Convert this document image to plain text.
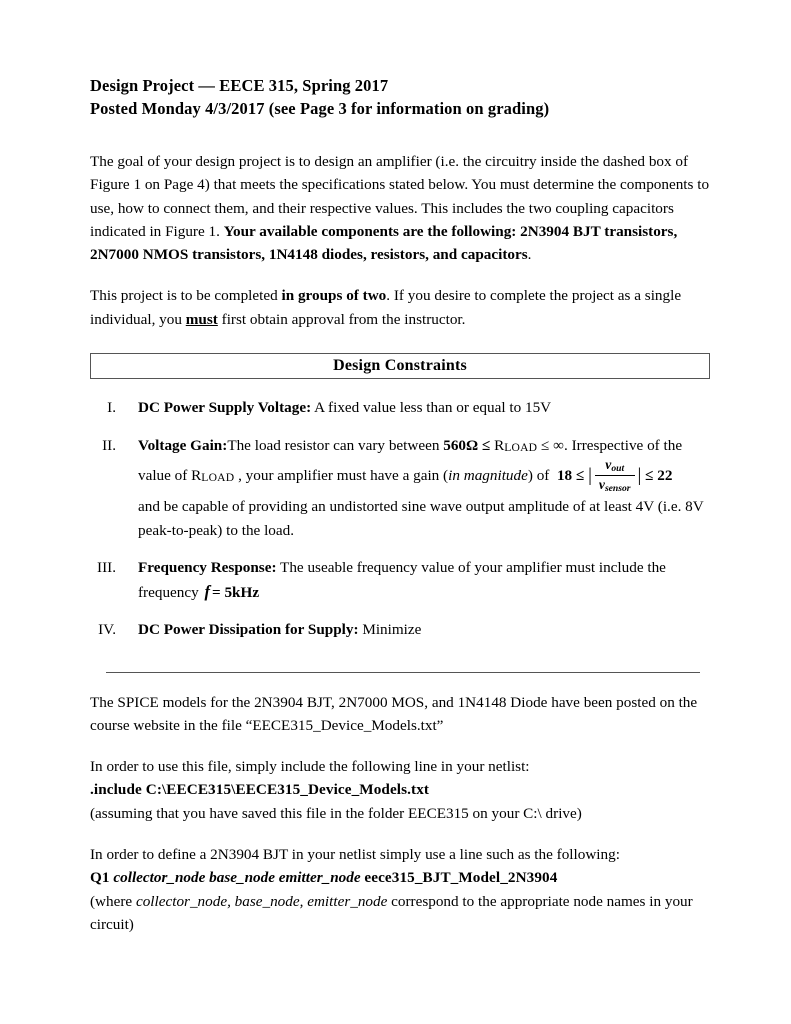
Design Project — EECE 315, Spring 2017
Posted Monday 4/3/2017 (see Page 3 for information on grading)

The goal of your design project is to design an amplifier (i.e. the circuitry inside the dashed box of Figure 1 on Page 4) that meets the specifications stated below. You must determine the components to use, how to connect them, and their respective values. This includes the two coupling capacitors indicated in Figure 1. Your available components are the following: 2N3904 BJT transistors, 2N7000 NMOS transistors, 1N4148 diodes, resistors, and capacitors.

This project is to be completed in groups of two. If you desire to complete the project as a single individual, you must first obtain approval from the instructor.

Design Constraints
I. DC Power Supply Voltage: A fixed value less than or equal to 15V
II. Voltage Gain:The load resistor can vary between 560Ω ≤ RLOAD ≤ ∞. Irrespective of the
value of RLOAD , your amplifier must have a gain (in magnitude) of 18 ≤ | $\frac{v_{out}}{v_{sensor}}$ | ≤ 22
and be capable of providing an undistorted sine wave output amplitude of at least 4V (i.e. 8V peak-to-peak) to the load.
III. Frequency Response: The useable frequency value of your amplifier must include the frequency f = 5kHz
IV. DC Power Dissipation for Supply: Minimize

The SPICE models for the 2N3904 BJT, 2N7000 MOS, and 1N4148 Diode have been posted on the course website in the file “EECE315_Device_Models.txt”

In order to use this file, simply include the following line in your netlist:
.include C:\EECE315\EECE315_Device_Models.txt
(assuming that you have saved this file in the folder EECE315 on your C:\ drive)

In order to define a 2N3904 BJT in your netlist simply use a line such as the following:
Q1 collector_node base_node emitter_node eece315_BJT_Model_2N3904
(where collector_node, base_node, emitter_node correspond to the appropriate node names in your circuit)
